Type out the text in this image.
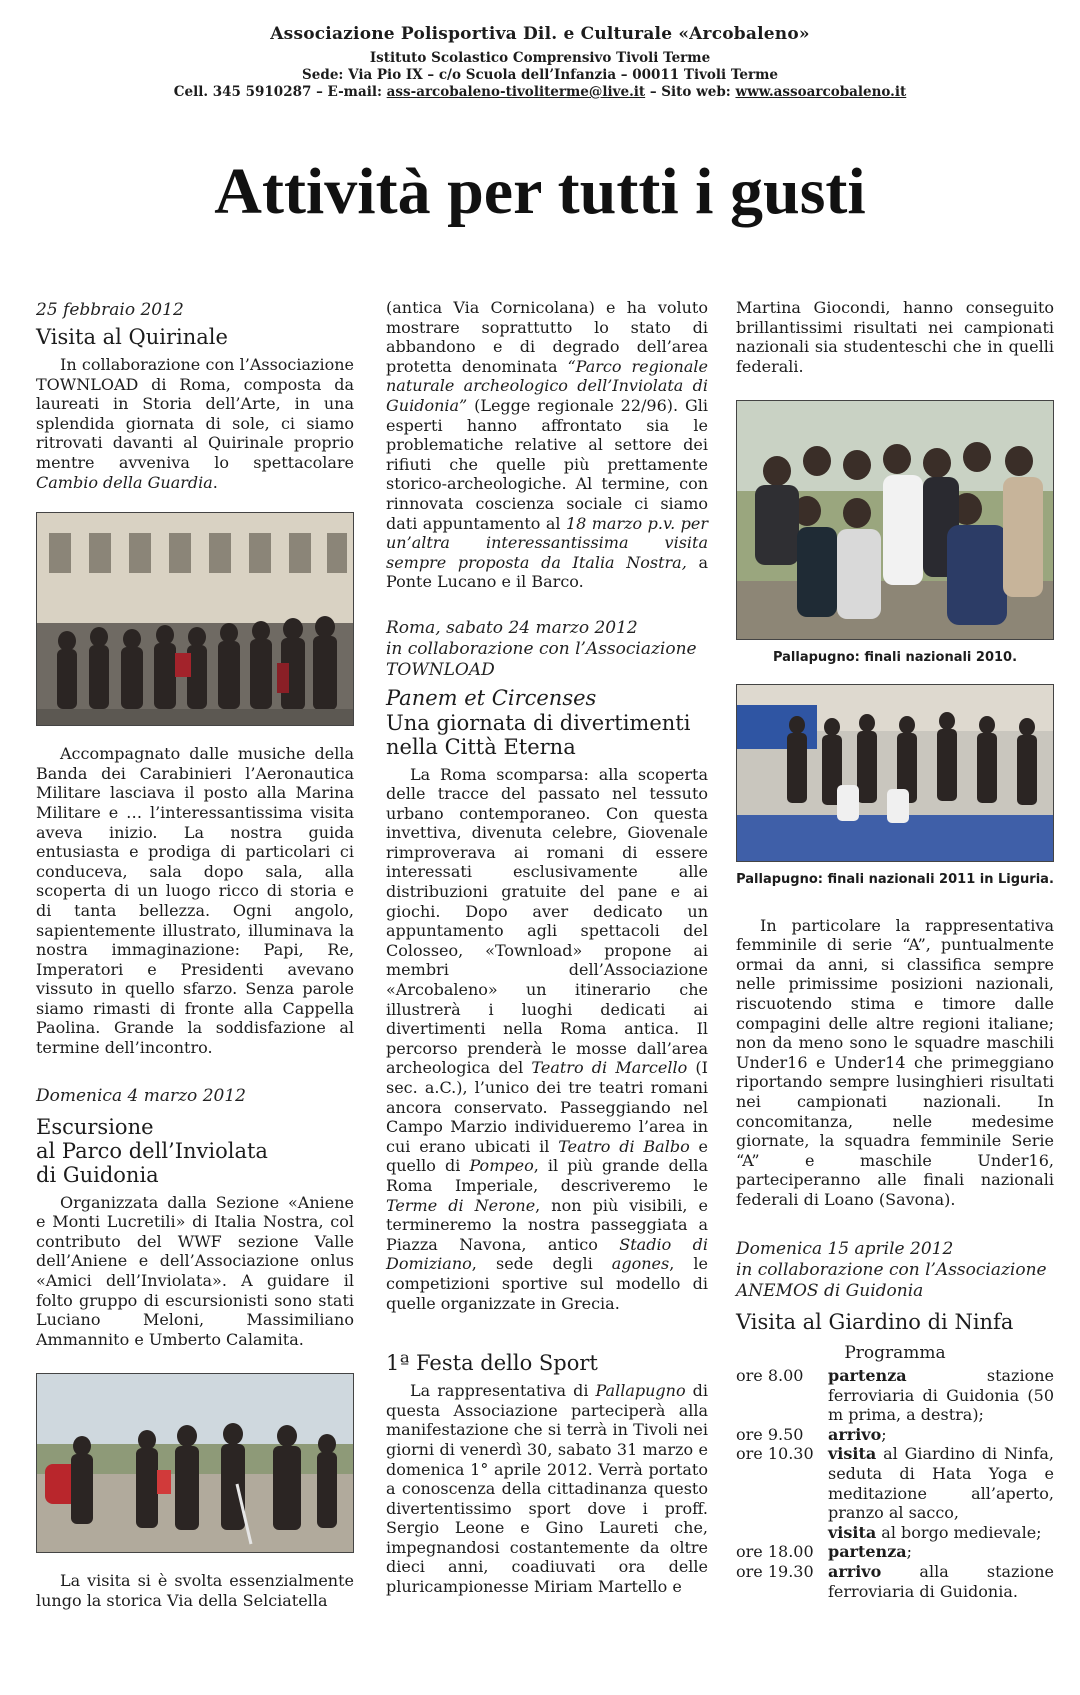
Associazione Polisportiva Dil. e Culturale «Arcobaleno»
Istituto Scolastico Comprensivo Tivoli Terme
Sede: Via Pio IX – c/o Scuola dell’Infanzia – 00011 Tivoli Terme
Cell. 345 5910287 – E-mail: ass-arcobaleno-tivoliterme@live.it – Sito web: www.assoarcobaleno.it
Attività per tutti i gusti
25 febbraio 2012
Visita al Quirinale

In collaborazione con l’Associazione TOWNLOAD di Roma, composta da laureati in Storia dell’Arte, in una splendida giornata di sole, ci siamo ritrovati davanti al Quirinale proprio mentre avveniva lo spettacolare Cambio della Guardia.

Accompagnato dalle musiche della Banda dei Carabinieri l’Aeronautica Militare lasciava il posto alla Marina Militare e … l’interessantissima visita aveva inizio. La nostra guida entusiasta e prodiga di particolari ci conduceva, sala dopo sala, alla scoperta di un luogo ricco di storia e di tanta bellezza. Ogni angolo, sapientemente illustrato, illuminava la nostra immaginazione: Papi, Re, Imperatori e Presidenti avevano vissuto in quello sfarzo. Senza parole siamo rimasti di fronte alla Cappella Paolina. Grande la soddisfazione al termine dell’incontro.

Domenica 4 marzo 2012
Escursione
al Parco dell’Inviolata
di Guidonia

Organizzata dalla Sezione «Aniene e Monti Lucretili» di Italia Nostra, col contributo del WWF sezione Valle dell’Aniene e dell’Associazione onlus «Amici dell’Inviolata». A guidare il folto gruppo di escursionisti sono stati Luciano Meloni, Massimiliano Ammannito e Umberto Calamita.

La visita si è svolta essenzialmente lungo la storica Via della Selciatella

(antica Via Cornicolana) e ha voluto mostrare soprattutto lo stato di abbandono e di degrado dell’area protetta denominata “Parco regionale naturale archeologico dell’Inviolata di Guidonia” (Legge regionale 22/96). Gli esperti hanno affrontato sia le problematiche relative al settore dei rifiuti che quelle più prettamente storico-archeologiche. Al termine, con rinnovata coscienza sociale ci siamo dati appuntamento al 18 marzo p.v. per un’altra interessantissima visita sempre proposta da Italia Nostra, a Ponte Lucano e il Barco.

Roma, sabato 24 marzo 2012
in collaborazione con l’Associazione
TOWNLOAD
Panem et Circenses
Una giornata di divertimenti nella Città Eterna

La Roma scomparsa: alla scoperta delle tracce del passato nel tessuto urbano contemporaneo. Con questa invettiva, divenuta celebre, Giovenale rimproverava ai romani di essere interessati esclusivamente alle distribuzioni gratuite del pane e ai giochi. Dopo aver dedicato un appuntamento agli spettacoli del Colosseo, «Townload» propone ai membri dell’Associazione «Arcobaleno» un itinerario che illustrerà i luoghi dedicati ai divertimenti nella Roma antica. Il percorso prenderà le mosse dall’area archeologica del Teatro di Marcello (I sec. a.C.), l’unico dei tre teatri romani ancora conservato. Passeggiando nel Campo Marzio individueremo l’area in cui erano ubicati il Teatro di Balbo e quello di Pompeo, il più grande della Roma Imperiale, descriveremo le Terme di Nerone, non più visibili, e termineremo la nostra passeggiata a Piazza Navona, antico Stadio di Domiziano, sede degli agones, le competizioni sportive sul modello di quelle organizzate in Grecia.

1ª Festa dello Sport

La rappresentativa di Pallapugno di questa Associazione parteciperà alla manifestazione che si terrà in Tivoli nei giorni di venerdì 30, sabato 31 marzo e domenica 1° aprile 2012. Verrà portato a conoscenza della cittadinanza questo divertentissimo sport dove i proff. Sergio Leone e Gino Laureti che, impegnandosi costantemente da oltre dieci anni, coadiuvati ora delle pluricampionesse Miriam Martello e

Martina Giocondi, hanno conseguito brillantissimi risultati nei campionati nazionali sia studenteschi che in quelli federali.

Pallapugno: finali nazionali 2010.
Pallapugno: finali nazionali 2011 in Liguria.

In particolare la rappresentativa femminile di serie “A”, puntualmente ormai da anni, si classifica sempre nelle primissime posizioni nazionali, riscuotendo stima e timore dalle compagini delle altre regioni italiane; non da meno sono le squadre maschili Under16 e Under14 che primeggiano riportando sempre lusinghieri risultati nei campionati nazionali. In concomitanza, nelle medesime giornate, la squadra femminile Serie “A” e maschile Under16, parteciperanno alle finali nazionali federali di Loano (Savona).

Domenica 15 aprile 2012
in collaborazione con l’Associazione
ANEMOS di Guidonia
Visita al Giardino di Ninfa
Programma
ore 8.00	partenza stazione ferroviaria di Guidonia (50 m prima, a destra);
ore 9.50	arrivo;
ore 10.30 visita al Giardino di Ninfa, seduta di Hata Yoga e meditazione all’aperto, pranzo al sacco,
visita al borgo medievale;
ore 18.00 partenza;
ore 19.30 arrivo alla stazione ferroviaria di Guidonia.
